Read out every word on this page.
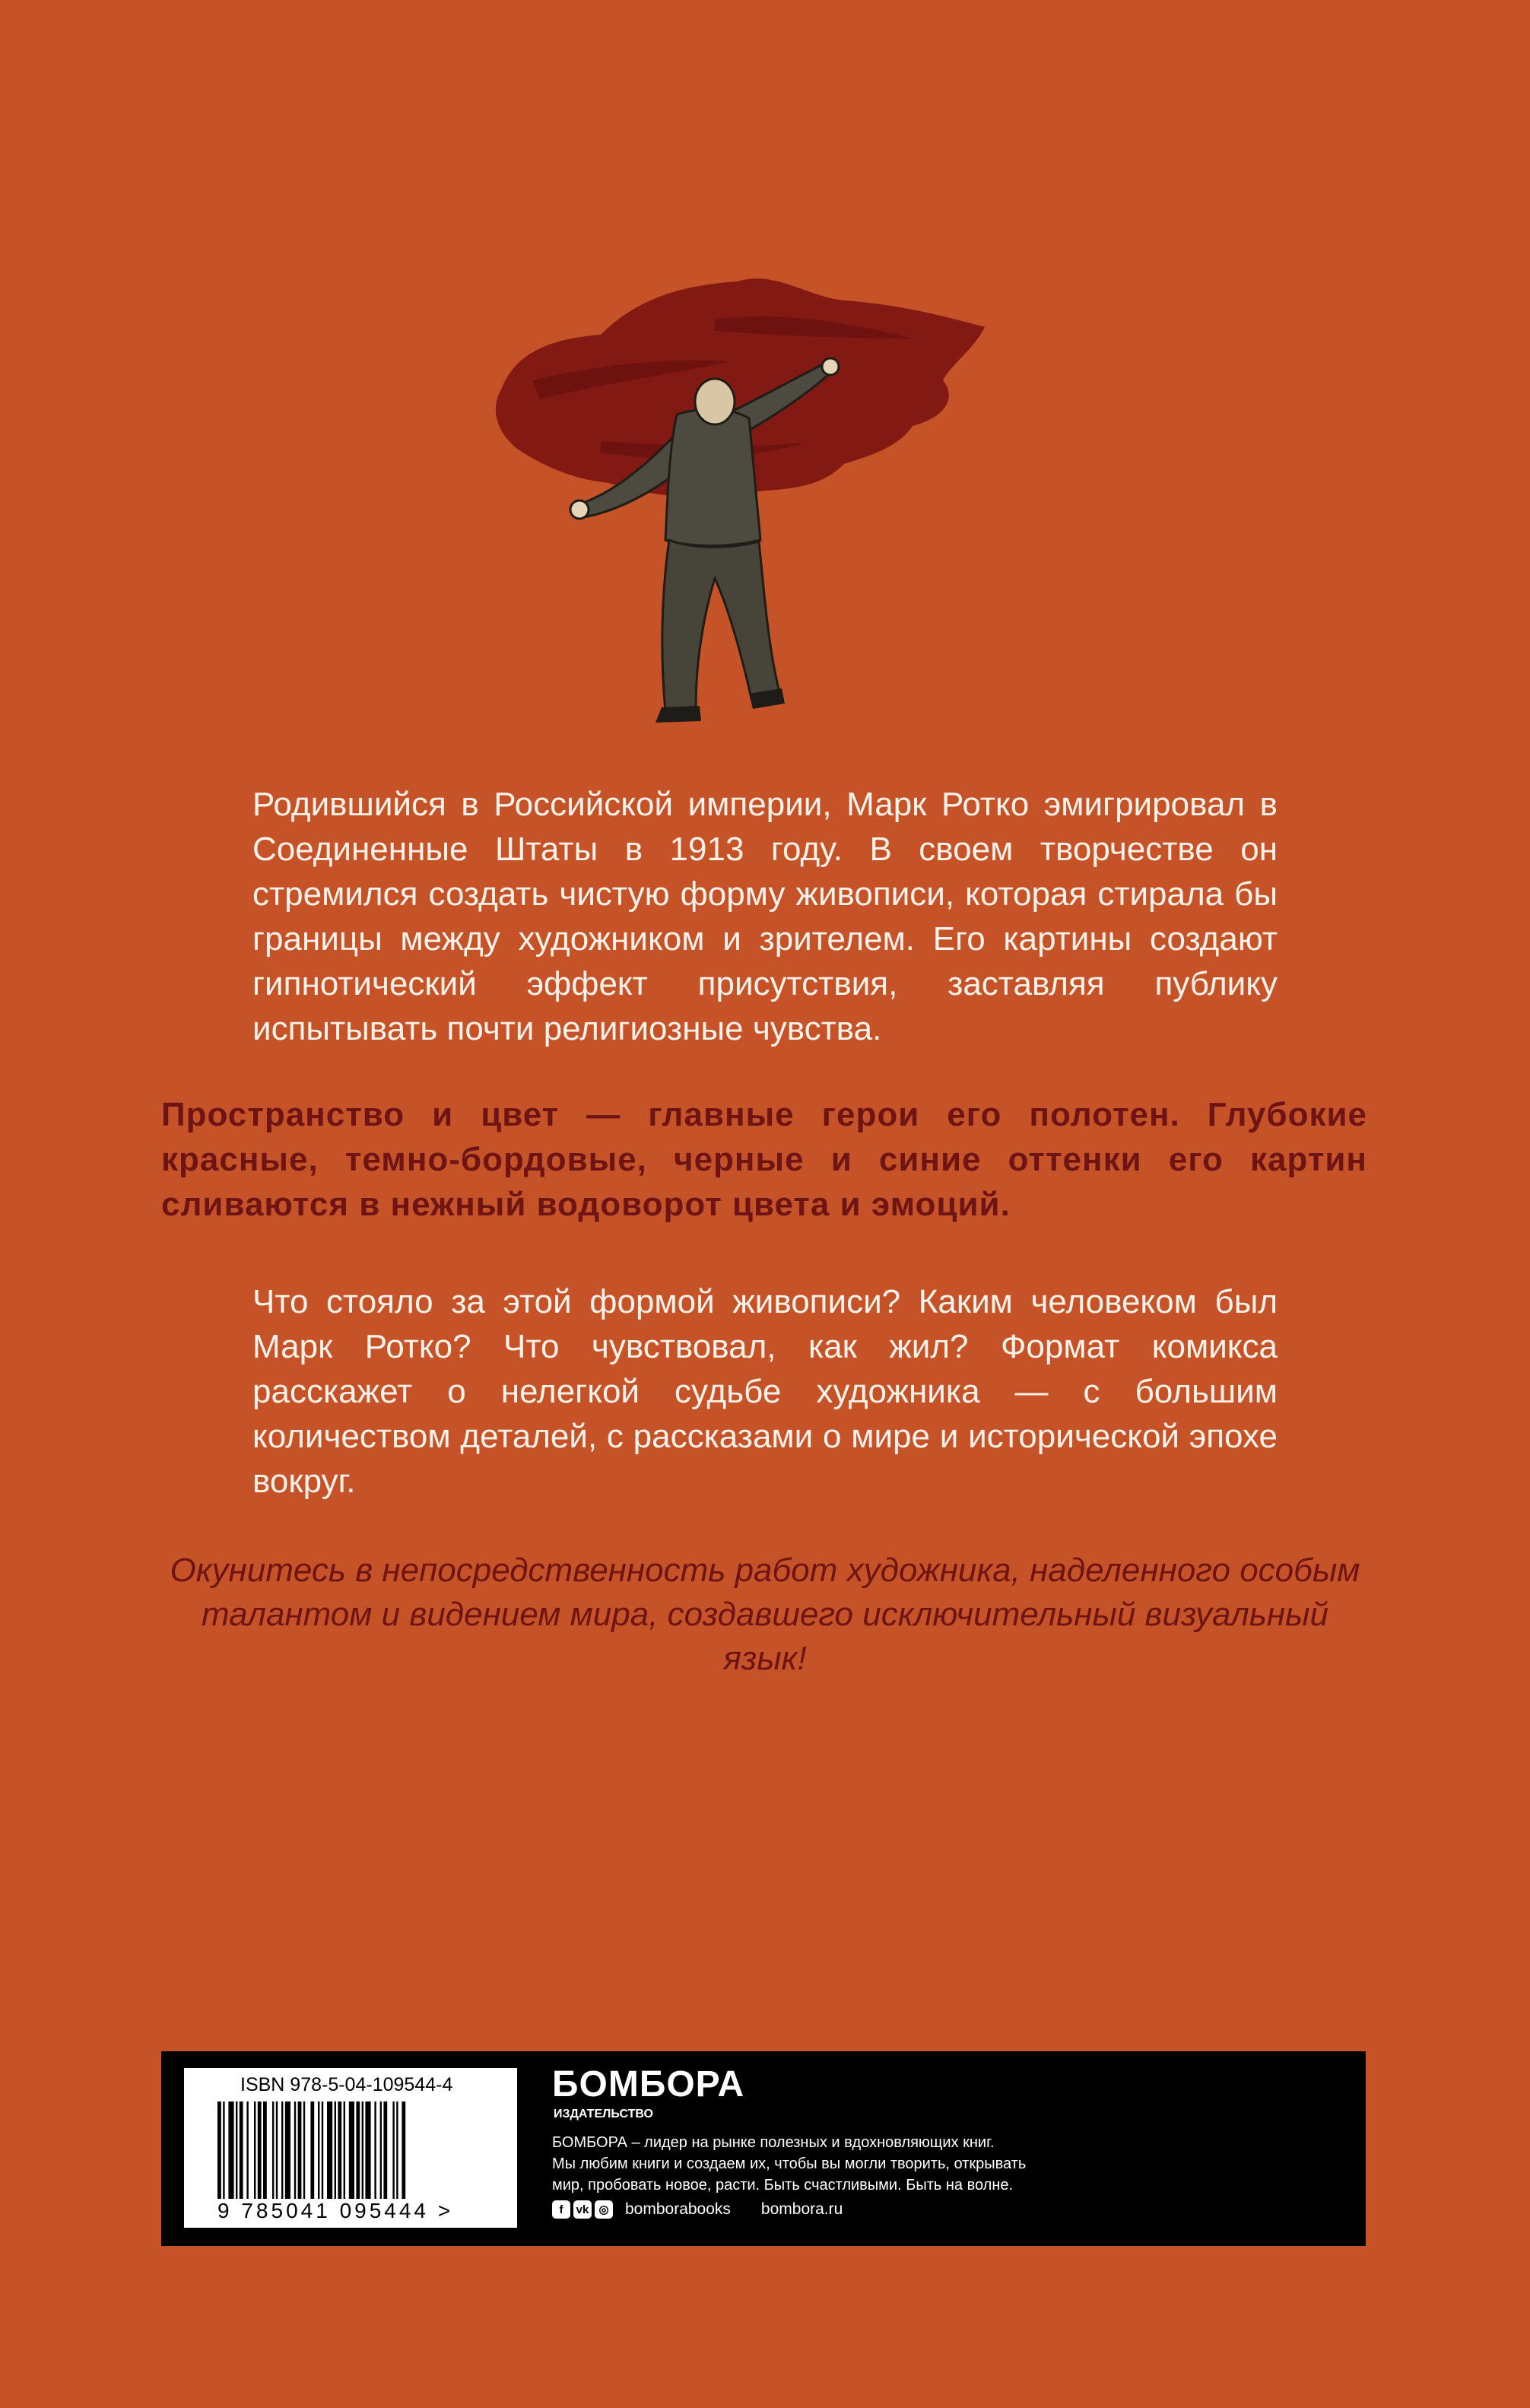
Родившийся в Российской империи, Марк Ротко эмигрировал в Соединенные Штаты в 1913 году. В своем творчестве он стремился создать чистую форму живописи, которая стирала бы границы между художником и зрителем. Его картины создают гипнотический эффект присутствия, заставляя публику испытывать почти религиозные чувства.

Пространство и цвет — главные герои его полотен. Глубокие красные, темно-бордовые, черные и синие оттенки его картин сливаются в нежный водоворот цвета и эмоций.

Что стояло за этой формой живописи? Каким человеком был Марк Ротко? Что чувствовал, как жил? Формат комикса расскажет о нелегкой судьбе художника — с большим количеством деталей, с рассказами о мире и исторической эпохе вокруг.

Окунитесь в непосредственность работ художника, наделенного особым талантом и видением мира, создавшего исключительный визуальный язык!

ISBN 978-5-04-109544-4
9 785041 095444 >
БОМБОРА
ИЗДАТЕЛЬСТВО
БОМБОРА – лидер на рынке полезных и вдохновляющих книг.
Мы любим книги и создаем их, чтобы вы могли творить, открывать
мир, пробовать новое, расти. Быть счастливыми. Быть на волне.
f	vk ◎ bomborabooks bombora.ru
